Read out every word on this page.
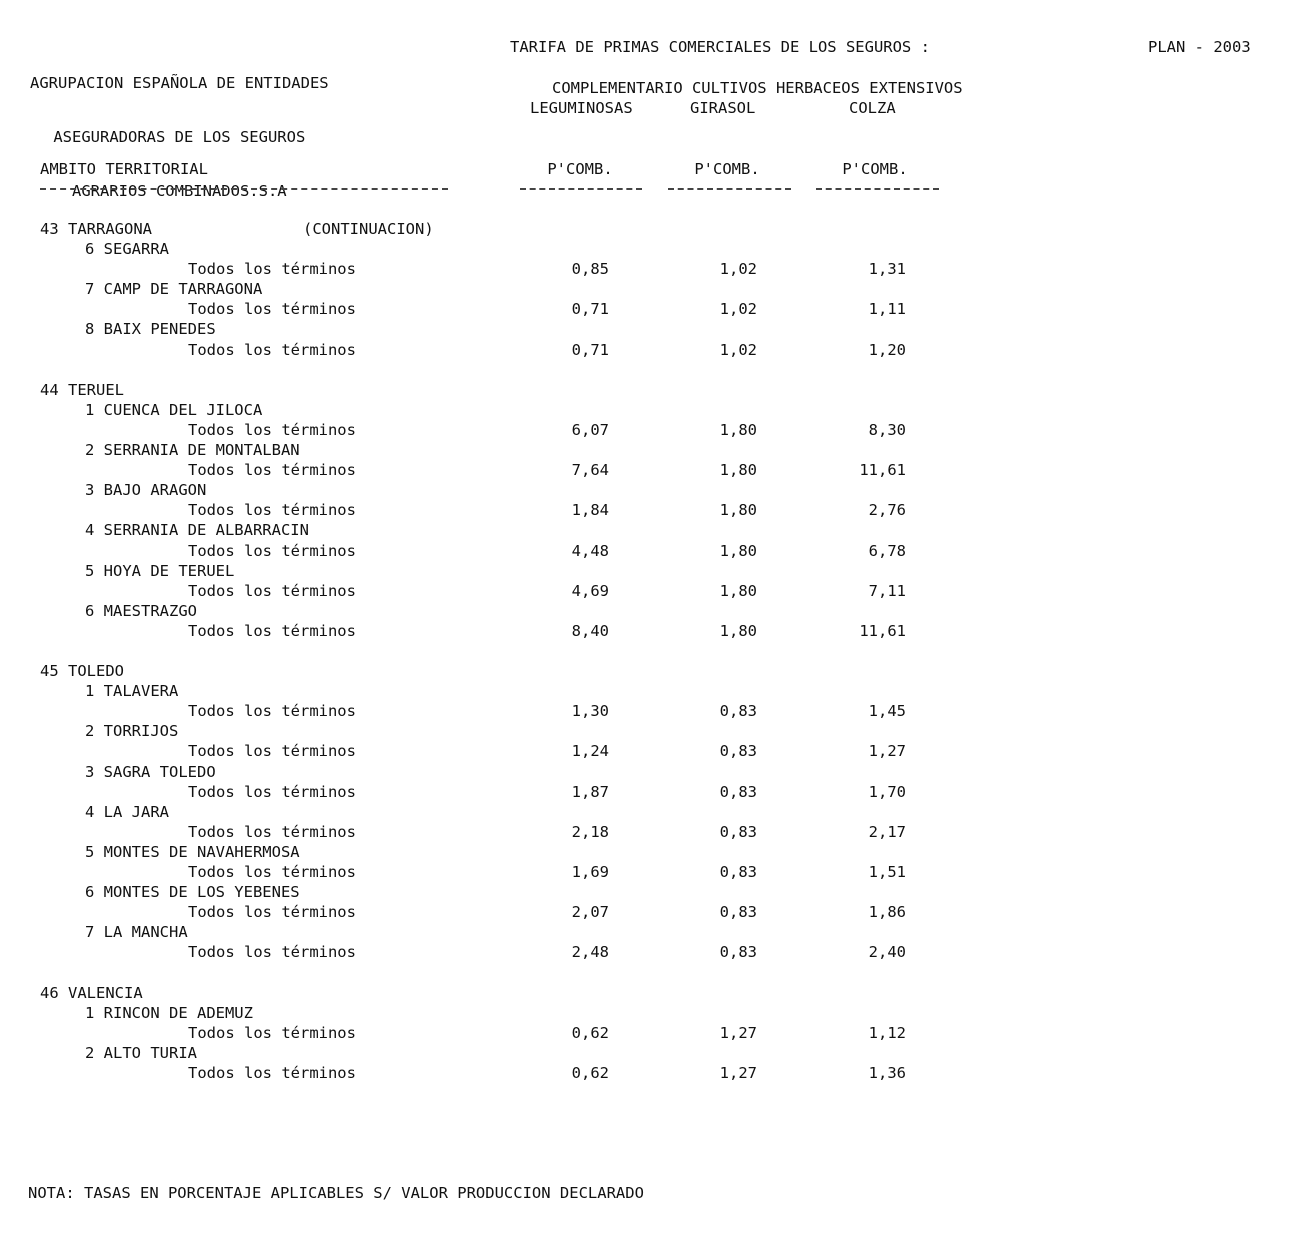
AGRUPACION ESPAÑOLA DE ENTIDADES

ASEGURADORAS DE LOS SEGUROS

AGRARIOS COMBINADOS.S.A

TARIFA DE PRIMAS COMERCIALES DE LOS SEGUROS :	PLAN - 2003
COMPLEMENTARIO CULTIVOS HERBACEOS EXTENSIVOS
LEGUMINOSAS	GIRASOL	COLZA
AMBITO TERRITORIAL	P'COMB.	P'COMB.	P'COMB.
43 TARRAGONA	(CONTINUACION)
6 SEGARRA
Todos los términos	0,85	1,02	1,31
7 CAMP DE TARRAGONA
Todos los términos	0,71	1,02	1,11
8 BAIX PENEDES
Todos los términos	0,71	1,02	1,20
44 TERUEL
1 CUENCA DEL JILOCA
Todos los términos	6,07	1,80	8,30
2 SERRANIA DE MONTALBAN
Todos los términos	7,64	1,80	11,61
3 BAJO ARAGON
Todos los términos	1,84	1,80	2,76
4 SERRANIA DE ALBARRACIN
Todos los términos	4,48	1,80	6,78
5 HOYA DE TERUEL
Todos los términos	4,69	1,80	7,11
6 MAESTRAZGO
Todos los términos	8,40	1,80	11,61
45 TOLEDO
1 TALAVERA
Todos los términos	1,30	0,83	1,45
2 TORRIJOS
Todos los términos	1,24	0,83	1,27
3 SAGRA TOLEDO
Todos los términos	1,87	0,83	1,70
4 LA JARA
Todos los términos	2,18	0,83	2,17
5 MONTES DE NAVAHERMOSA
Todos los términos	1,69	0,83	1,51
6 MONTES DE LOS YEBENES
Todos los términos	2,07	0,83	1,86
7 LA MANCHA
Todos los términos	2,48	0,83	2,40
46 VALENCIA
1 RINCON DE ADEMUZ
Todos los términos	0,62	1,27	1,12
2 ALTO TURIA
Todos los términos	0,62	1,27	1,36
NOTA: TASAS EN PORCENTAJE APLICABLES S/ VALOR PRODUCCION DECLARADO
